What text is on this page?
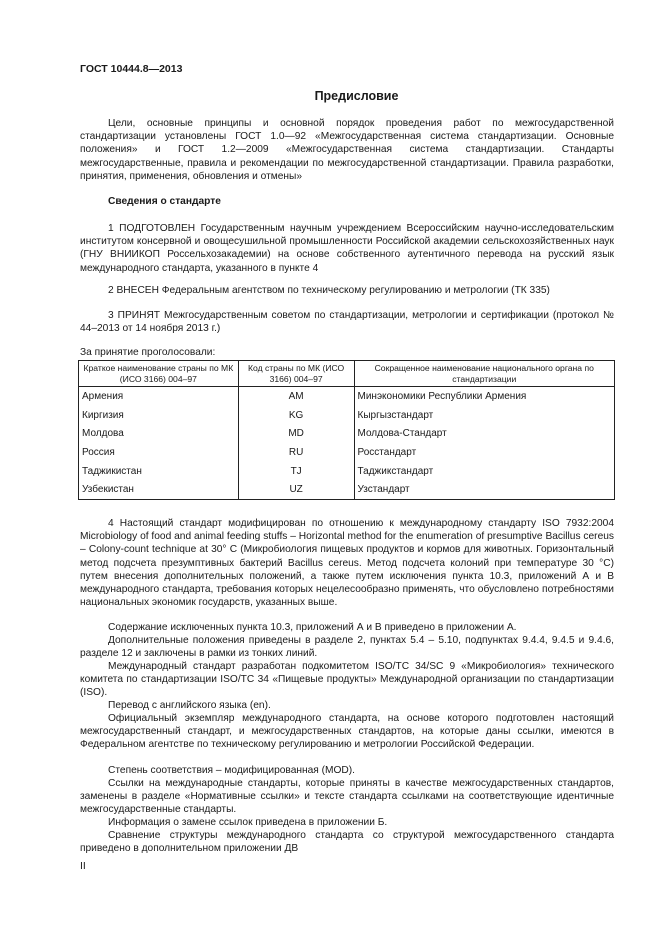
ГОСТ 10444.8—2013
Предисловие
Цели, основные принципы и основной порядок проведения работ по межгосударственной стандартизации установлены ГОСТ 1.0—92 «Межгосударственная система стандартизации. Основные положения» и ГОСТ 1.2—2009 «Межгосударственная система стандартизации. Стандарты межгосударственные, правила и рекомендации по межгосударственной стандартизации. Правила разработки, принятия, применения, обновления и отмены»
Сведения о стандарте
1 ПОДГОТОВЛЕН Государственным научным учреждением Всероссийским научно-исследовательским институтом консервной и овощесушильной промышленности Российской академии сельскохозяйственных наук (ГНУ ВНИИКОП Россельхозакадемии) на основе собственного аутентичного перевода на русский язык международного стандарта, указанного в пункте 4
2 ВНЕСЕН Федеральным агентством по техническому регулированию и метрологии (ТК 335)
3 ПРИНЯТ Межгосударственным советом по стандартизации, метрологии и сертификации (протокол № 44–2013 от 14 ноября 2013 г.)
За принятие проголосовали:
Краткое наименование страны по МК (ИСО 3166) 004–97	Код страны по МК (ИСО 3166) 004–97	Сокращенное наименование национального органа по стандартизации
Армения	AM	Минэкономики Республики Армения
Киргизия	KG	Кыргызстандарт
Молдова	MD	Молдова-Стандарт
Россия	RU	Росстандарт
Таджикистан	TJ	Таджикстандарт
Узбекистан	UZ	Узстандарт
4 Настоящий стандарт модифицирован по отношению к международному стандарту ISO 7932:2004 Microbiology of food and animal feeding stuffs – Horizontal method for the enumeration of presumptive Bacillus cereus – Colony-count technique at 30° С (Микробиология пищевых продуктов и кормов для животных. Горизонтальный метод подсчета презумптивных бактерий Bacillus cereus. Метод подсчета колоний при температуре 30 °С) путем внесения дополнительных положений, а также путем исключения пункта 10.3, приложений А и В международного стандарта, требования которых нецелесообразно применять, что обусловлено потребностями национальных экономик государств, указанных выше.
Содержание исключенных пункта 10.3, приложений А и В приведено в приложении А.
Дополнительные положения приведены в разделе 2, пунктах 5.4 – 5.10, подпунктах 9.4.4, 9.4.5 и 9.4.6, разделе 12 и заключены в рамки из тонких линий.
Международный стандарт разработан подкомитетом ISO/TC 34/SC 9 «Микробиология» технического комитета по стандартизации ISO/TC 34 «Пищевые продукты» Международной организации по стандартизации (ISO).
Перевод с английского языка (en).
Официальный экземпляр международного стандарта, на основе которого подготовлен настоящий межгосударственный стандарт, и межгосударственных стандартов, на которые даны ссылки, имеются в Федеральном агентстве по техническому регулированию и метрологии Российской Федерации.
Степень соответствия – модифицированная (MOD).
Ссылки на международные стандарты, которые приняты в качестве межгосударственных стандартов, заменены в разделе «Нормативные ссылки» и тексте стандарта ссылками на соответствующие идентичные межгосударственные стандарты.
Информация о замене ссылок приведена в приложении Б.
Сравнение структуры международного стандарта со структурой межгосударственного стандарта приведено в дополнительном приложении ДВ
II
